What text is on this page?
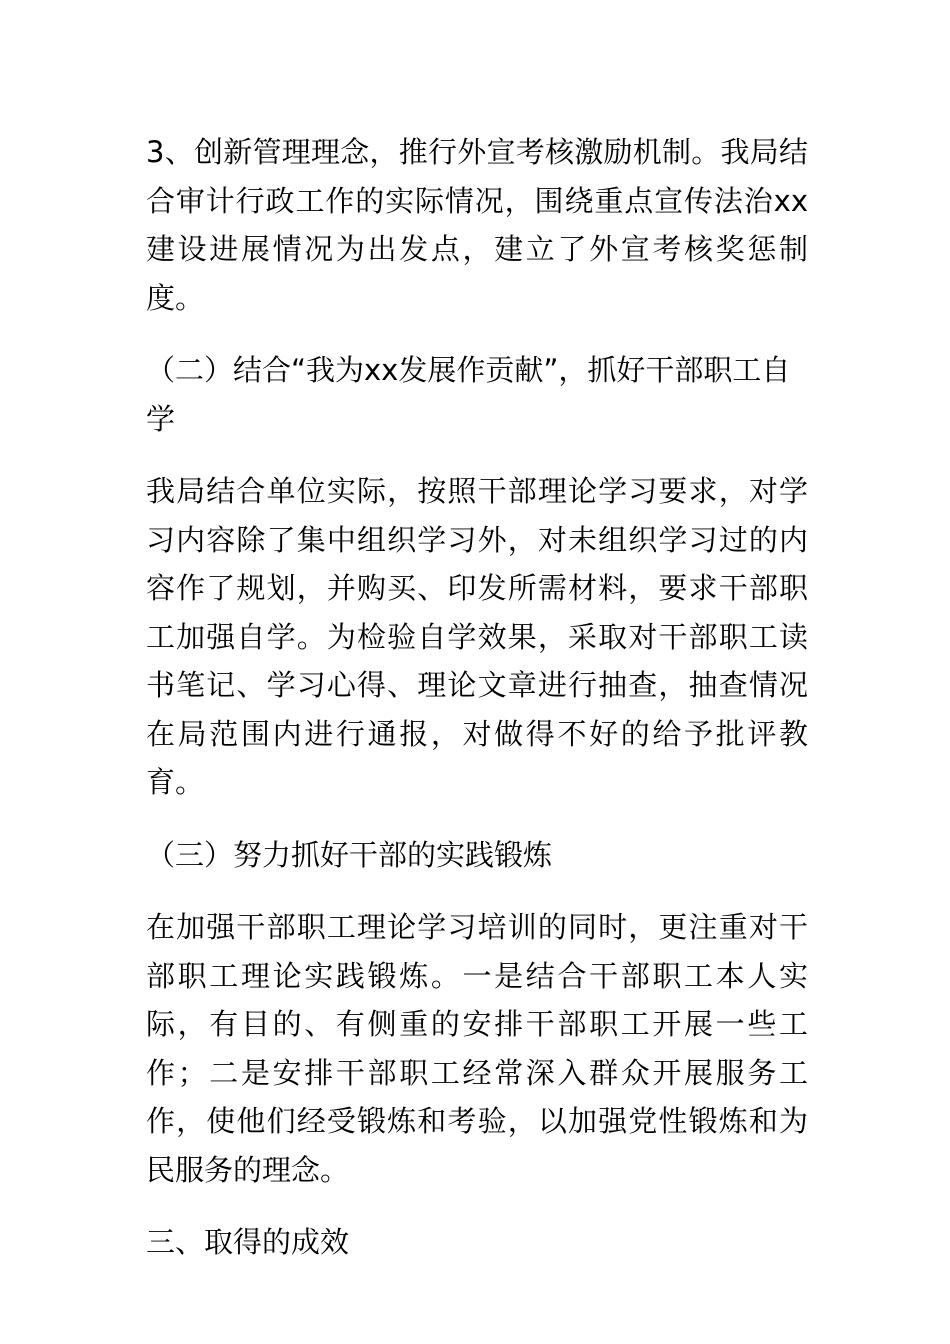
3、创新管理理念，推行外宣考核激励机制。我局结合审计行政工作的实际情况，围绕重点宣传法治xx建设进展情况为出发点，建立了外宣考核奖惩制度。

（二）结合“我为xx发展作贡献”，抓好干部职工自学

我局结合单位实际，按照干部理论学习要求，对学习内容除了集中组织学习外，对未组织学习过的内容作了规划，并购买、印发所需材料，要求干部职工加强自学。为检验自学效果，采取对干部职工读书笔记、学习心得、理论文章进行抽查，抽查情况在局范围内进行通报，对做得不好的给予批评教育。

（三）努力抓好干部的实践锻炼

在加强干部职工理论学习培训的同时，更注重对干部职工理论实践锻炼。一是结合干部职工本人实际，有目的、有侧重的安排干部职工开展一些工作；二是安排干部职工经常深入群众开展服务工作，使他们经受锻炼和考验，以加强党性锻炼和为民服务的理念。

三、取得的成效
